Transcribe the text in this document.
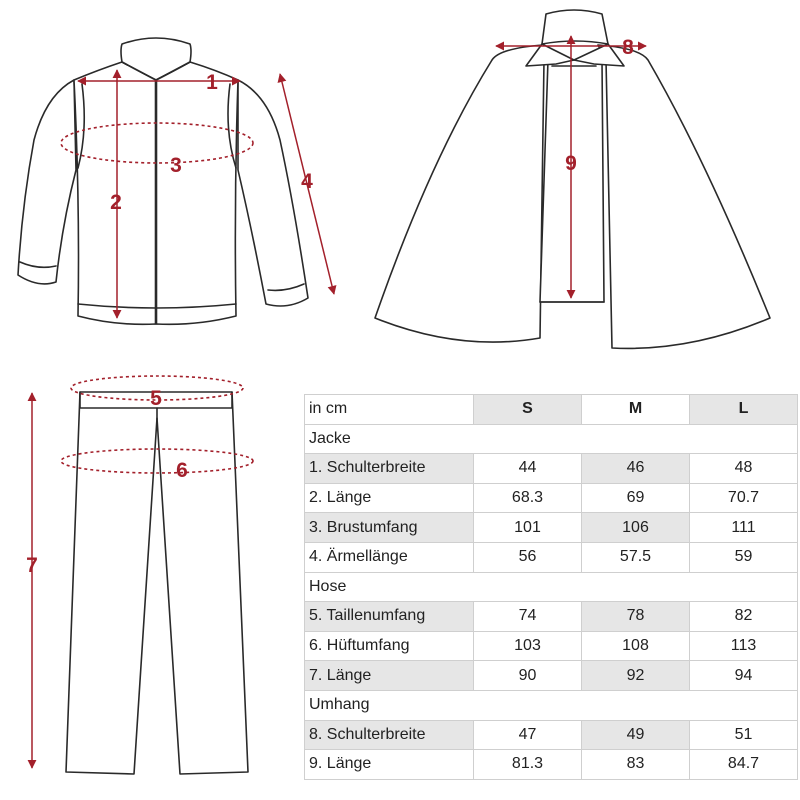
1
2
3
4
5
6
7
8
9
in cm	S	M	L
Jacke			
1. Schulterbreite	44	46	48
2. Länge	68.3	69	70.7
3. Brustumfang	101	106	111
4. Ärmellänge	56	57.5	59
Hose			
5. Taillenumfang	74	78	82
6. Hüftumfang	103	108	113
7. Länge	90	92	94
Umhang			
8. Schulterbreite	47	49	51
9. Länge	81.3	83	84.7
